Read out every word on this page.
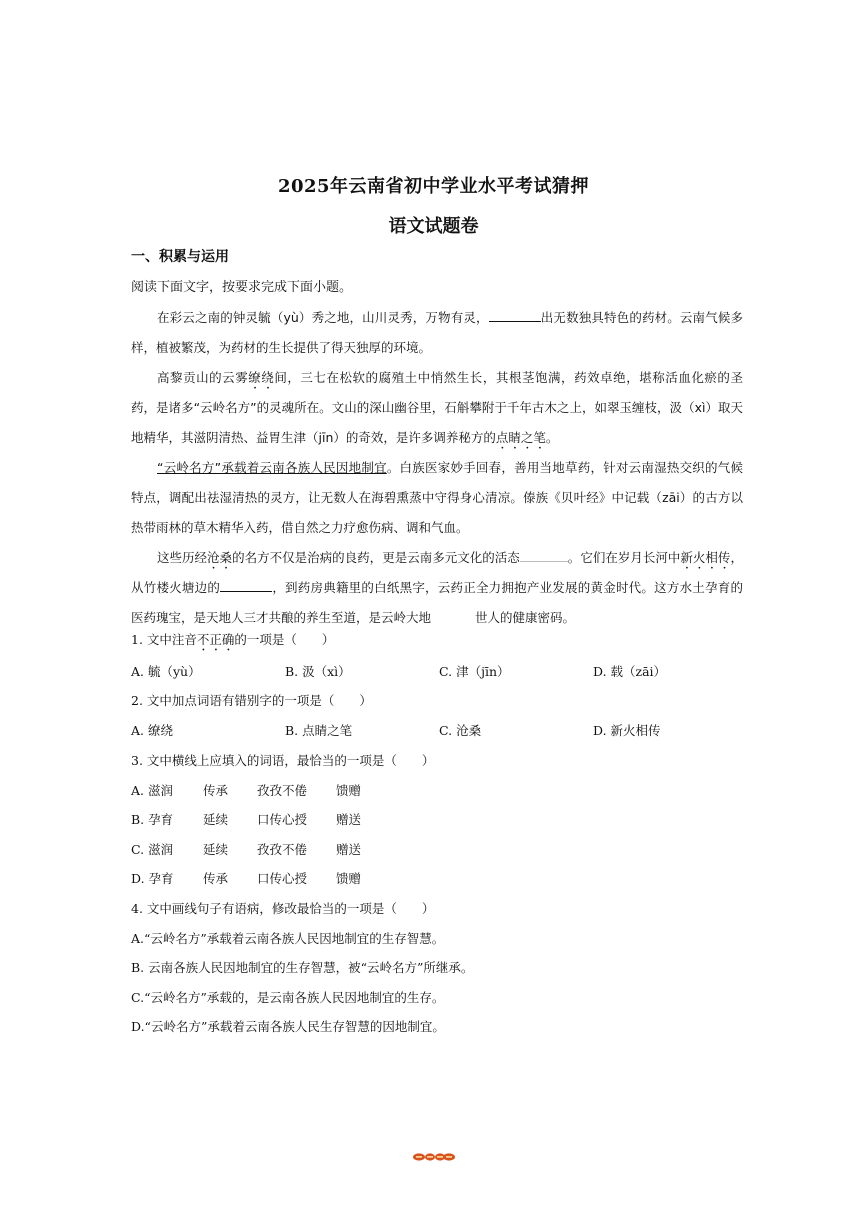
2025年云南省初中学业水平考试猜押
语文试题卷
一、积累与运用
阅读下面文字，按要求完成下面小题。

在彩云之南的钟灵毓（yù）秀之地，山川灵秀，万物有灵，	出无数独具特色的药材。云南气候多样，植被繁茂，为药材的生长提供了得天独厚的环境。

高黎贡山的云雾缭绕间，三七在松软的腐殖土中悄然生长，其根茎饱满，药效卓绝，堪称活血化瘀的圣药，是诸多“云岭名方”的灵魂所在。文山的深山幽谷里，石斛攀附于千年古木之上，如翠玉缠枝，汲（xì）取天地精华，其滋阴清热、益胃生津（jīn）的奇效，是许多调养秘方的点睛之笔。

“云岭名方”承载着云南各族人民因地制宜。白族医家妙手回春，善用当地草药，针对云南湿热交织的气候特点，调配出祛湿清热的灵方，让无数人在海碧熏蒸中守得身心清凉。傣族《贝叶经》中记载（zāi）的古方以热带雨林的草木精华入药，借自然之力疗愈伤病、调和气血。

这些历经沧桑的名方不仅是治病的良药，更是云南多元文化的活态	。它们在岁月长河中新火相传，从竹楼火塘边的	，到药房典籍里的白纸黑字，云药正全力拥抱产业发展的黄金时代。这方水土孕育的医药瑰宝，是天地人三才共酿的养生至道，是云岭大地	世人的健康密码。

1. 文中注音不正确的一项是（　　）
A. 毓（yù）	B. 汲（xì）	C. 津（jīn）	D. 载（zāi）
2. 文中加点词语有错别字的一项是（　　）
A. 缭绕	B. 点睛之笔	C. 沧桑	D. 新火相传
3. 文中横线上应填入的词语，最恰当的一项是（　　）
A. 滋润 传承 孜孜不倦 馈赠
B. 孕育 延续 口传心授 赠送
C. 滋润 延续 孜孜不倦 赠送
D. 孕育 传承 口传心授 馈赠
4. 文中画线句子有语病，修改最恰当的一项是（　　）
A.“云岭名方”承载着云南各族人民因地制宜的生存智慧。
B. 云南各族人民因地制宜的生存智慧，被“云岭名方”所继承。
C.“云岭名方”承载的，是云南各族人民因地制宜的生存。
D.“云岭名方”承载着云南各族人民生存智慧的因地制宜。
